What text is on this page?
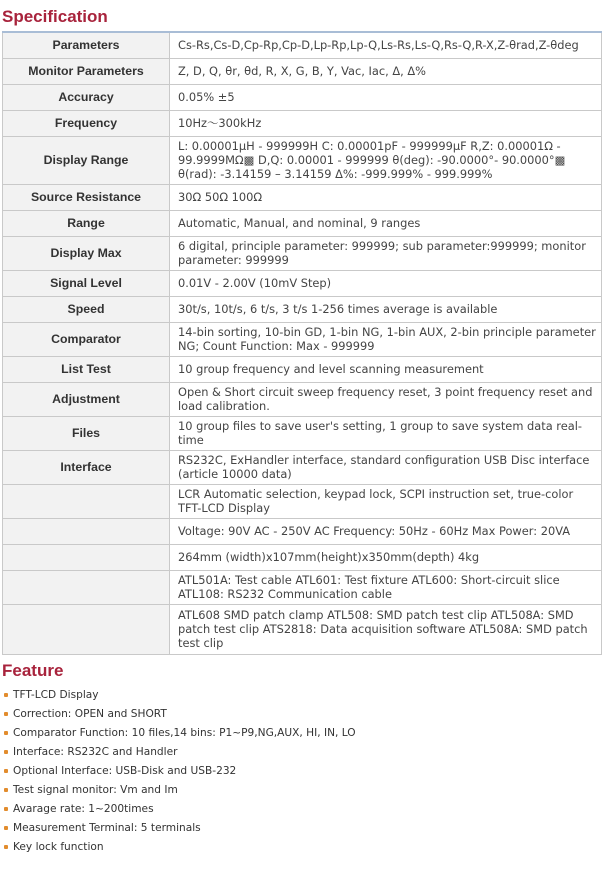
Specification
Parameters	Cs-Rs,Cs-D,Cp-Rp,Cp-D,Lp-Rp,Lp-Q,Ls-Rs,Ls-Q,Rs-Q,R-X,Z-θrad,Z-θdeg
Monitor Parameters	Z, D, Q, θr, θd, R, X, G, B, Y, Vac, Iac, Δ, Δ%
Accuracy	0.05% ±5
Frequency	10Hz～300kHz
Display Range	L: 0.00001μH - 999999H C: 0.00001pF - 999999μF R,Z: 0.00001Ω - 99.9999MΩ▩ D,Q: 0.00001 - 999999 θ(deg): -90.0000°- 90.0000°▩ θ(rad): -3.14159 – 3.14159 Δ%: -999.999% - 999.999%
Source Resistance	30Ω 50Ω 100Ω
Range	Automatic, Manual, and nominal, 9 ranges
Display Max	6 digital, principle parameter: 999999; sub parameter:999999; monitor parameter: 999999
Signal Level	0.01V - 2.00V (10mV Step)
Speed	30t/s, 10t/s, 6 t/s, 3 t/s 1-256 times average is available
Comparator	14-bin sorting, 10-bin GD, 1-bin NG, 1-bin AUX, 2-bin principle parameter NG; Count Function: Max - 999999
List Test	10 group frequency and level scanning measurement
Adjustment	Open & Short circuit sweep frequency reset, 3 point frequency reset and load calibration.
Files	10 group files to save user's setting, 1 group to save system data real-time
Interface	RS232C, ExHandler interface, standard configuration USB Disc interface (article 10000 data)
	LCR Automatic selection, keypad lock, SCPI instruction set, true-color TFT-LCD Display
	Voltage: 90V AC - 250V AC Frequency: 50Hz - 60Hz Max Power: 20VA
	264mm (width)x107mm(height)x350mm(depth) 4kg
	ATL501A: Test cable ATL601: Test fixture ATL600: Short-circuit slice ATL108: RS232 Communication cable
	ATL608 SMD patch clamp ATL508: SMD patch test clip ATL508A: SMD patch test clip ATS2818: Data acquisition software ATL508A: SMD patch test clip
Feature
TFT-LCD Display
Correction: OPEN and SHORT
Comparator Function: 10 files,14 bins: P1~P9,NG,AUX, HI, IN, LO
Interface: RS232C and Handler
Optional Interface: USB-Disk and USB-232
Test signal monitor: Vm and Im
Avarage rate: 1~200times
Measurement Terminal: 5 terminals
Key lock function
